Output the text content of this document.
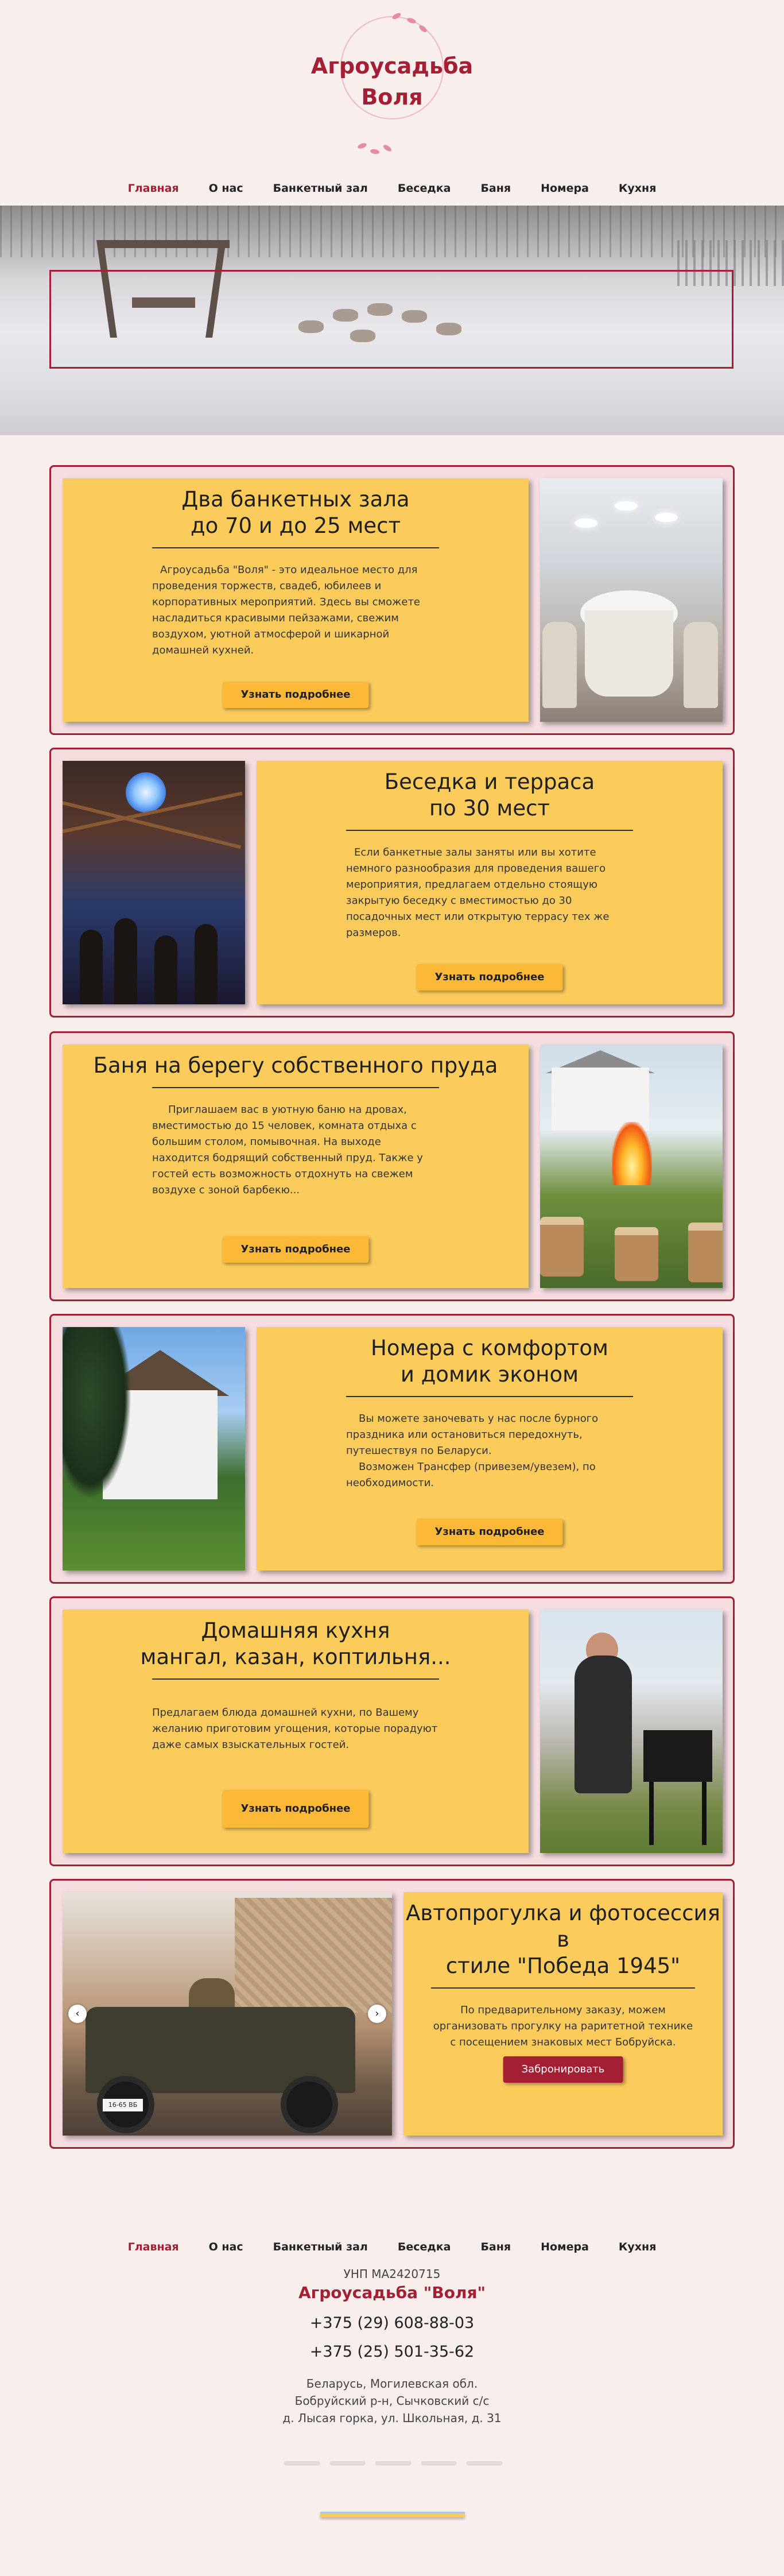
Агроусадьба
Воля
Главная	О нас	Банкетный зал	Беседка	Баня	Номера	Кухня
Два банкетных зала
до 70 и до 25 мест

Агроусадьба "Воля" - это идеальное место для проведения торжеств, свадеб, юбилеев и корпоративных мероприятий. Здесь вы сможете насладиться красивыми пейзажами, свежим воздухом, уютной атмосферой и шикарной домашней кухней.

Узнать подробнее
Беседка и терраса
по 30 мест

Если банкетные залы заняты или вы хотите немного разнообразия для проведения вашего мероприятия, предлагаем отдельно стоящую закрытую беседку с вместимостью до 30 посадочных мест или открытую террасу тех же размеров.

Узнать подробнее
Баня на берегу собственного пруда

Приглашаем вас в уютную баню на дровах, вместимостью до 15 человек, комната отдыха с большим столом, помывочная. На выходе находится бодрящий собственный пруд. Также у гостей есть возможность отдохнуть на свежем воздухе с зоной барбекю...

Узнать подробнее
Номера с комфортом
и домик эконом

Вы можете заночевать у нас после бурного праздника или остановиться передохнуть, путешествуя по Беларуси.

Возможен Трансфер (привезем/увезем), по необходимости.

Узнать подробнее
Домашняя кухня
мангал, казан, коптильня...

Предлагаем блюда домашней кухни, по Вашему желанию приготовим угощения, которые порадуют даже самых взыскательных гостей.

Узнать подробнее
16-65 ВБ
‹	›
Автопрогулка и фотосессия в
стиле "Победа 1945"

По предварительному заказу, можем организовать прогулку на раритетной технике с посещением знаковых мест Бобруйска.

Забронировать
Главная	О нас	Банкетный зал	Беседка	Баня	Номера	Кухня
УНП МА2420715
Агроусадьба "Воля"
+375 (29) 608-88-03
+375 (25) 501-35-62
Беларусь, Могилевская обл.
Бобруйский р-н, Сычковский с/с
д. Лысая горка, ул. Школьная, д. 31
